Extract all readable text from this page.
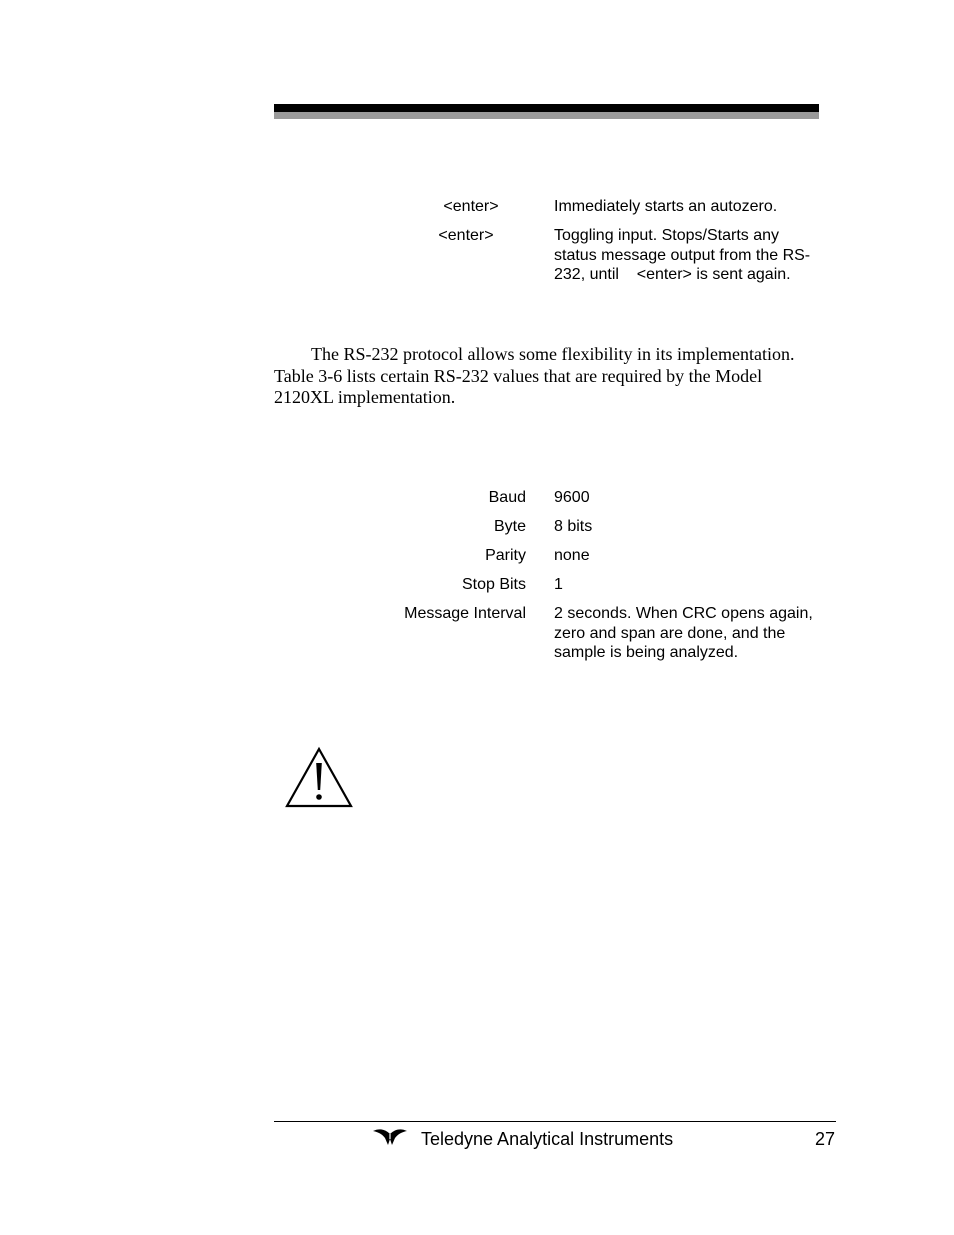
<enter>	Immediately starts an autozero.
<enter>	Toggling input. Stops/Starts any status message output from the RS-232, until    <enter> is sent again.

The RS-232 protocol allows some flexibility in its implementation. Table 3-6 lists certain RS-232 values that are required by the Model 2120XL implementation.

Baud 9600
Byte 8 bits
Parity none
Stop Bits 1
Message Interval 2 seconds. When CRC opens again, zero and span are done, and the sample is being analyzed.
Teledyne Analytical Instruments	27
